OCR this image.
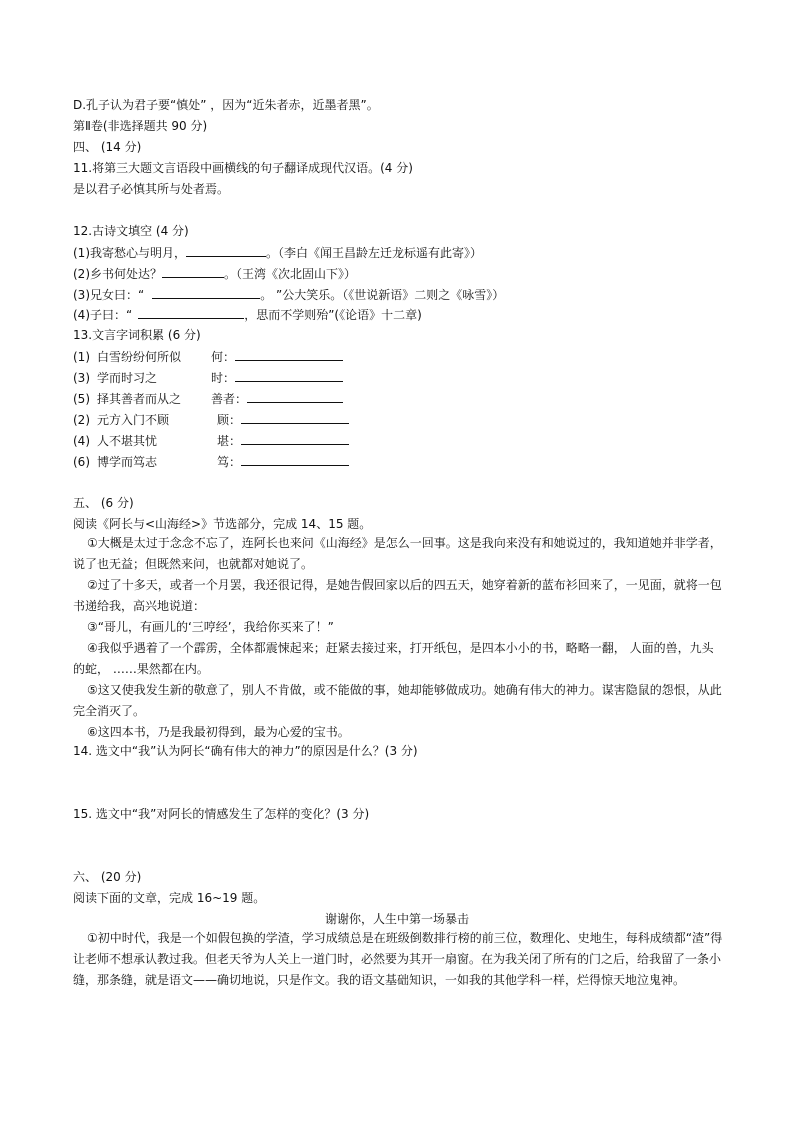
D.孔子认为君子要“慎处” ，因为“近朱者赤，近墨者黑”。
第Ⅱ卷(非选择题共 90 分)
四、 (14 分)
11.将第三大题文言语段中画横线的句子翻译成现代汉语。(4 分)
是以君子必慎其所与处者焉。
12.古诗文填空 (4 分)
(1)我寄愁心与明月，	。（李白《闻王昌龄左迁龙标遥有此寄》）
(2)乡书何处达？	。（王湾《次北固山下》）
(3)兄女曰：“	。 ”公大笑乐。（《世说新语》二则之《咏雪》）
(4)子曰：“	，思而不学则殆”(《论语》十二章)
13.文言字词积累 (6 分)
(1) 白雪纷纷何所似 何：
(3) 学而时习之	时：
(5) 择其善者而从之 善者：
(2) 元方入门不顾	顾：
(4) 人不堪其忧	堪：
(6) 博学而笃志	笃：
五、 (6 分)
阅读《阿长与<山海经>》节选部分，完成 14、15 题。
①大概是太过于念念不忘了，连阿长也来问《山海经》是怎么一回事。这是我向来没有和她说过的，我知道她并非学者，说了也无益；但既然来问，也就都对她说了。
②过了十多天，或者一个月罢，我还很记得，是她告假回家以后的四五天，她穿着新的蓝布衫回来了，一见面，就将一包书递给我，高兴地说道：
③“哥儿，有画儿的‘三哼经’，我给你买来了！”
④我似乎遇着了一个霹雳，全体都震悚起来；赶紧去接过来，打开纸包，是四本小小的书，略略一翻， 人面的兽，九头的蛇， ……果然都在内。
⑤这又使我发生新的敬意了，别人不肯做，或不能做的事，她却能够做成功。她确有伟大的神力。谋害隐鼠的怨恨，从此完全消灭了。
⑥这四本书，乃是我最初得到，最为心爱的宝书。
14. 选文中“我”认为阿长“确有伟大的神力”的原因是什么？(3 分)
15. 选文中“我”对阿长的情感发生了怎样的变化？(3 分)
六、 (20 分)
阅读下面的文章，完成 16~19 题。
谢谢你，人生中第一场暴击
①初中时代，我是一个如假包换的学渣，学习成绩总是在班级倒数排行榜的前三位，数理化、史地生，每科成绩都“渣”得让老师不想承认教过我。但老天爷为人关上一道门时，必然要为其开一扇窗。在为我关闭了所有的门之后，给我留了一条小缝，那条缝，就是语文——确切地说，只是作文。我的语文基础知识，一如我的其他学科一样，烂得惊天地泣鬼神。
